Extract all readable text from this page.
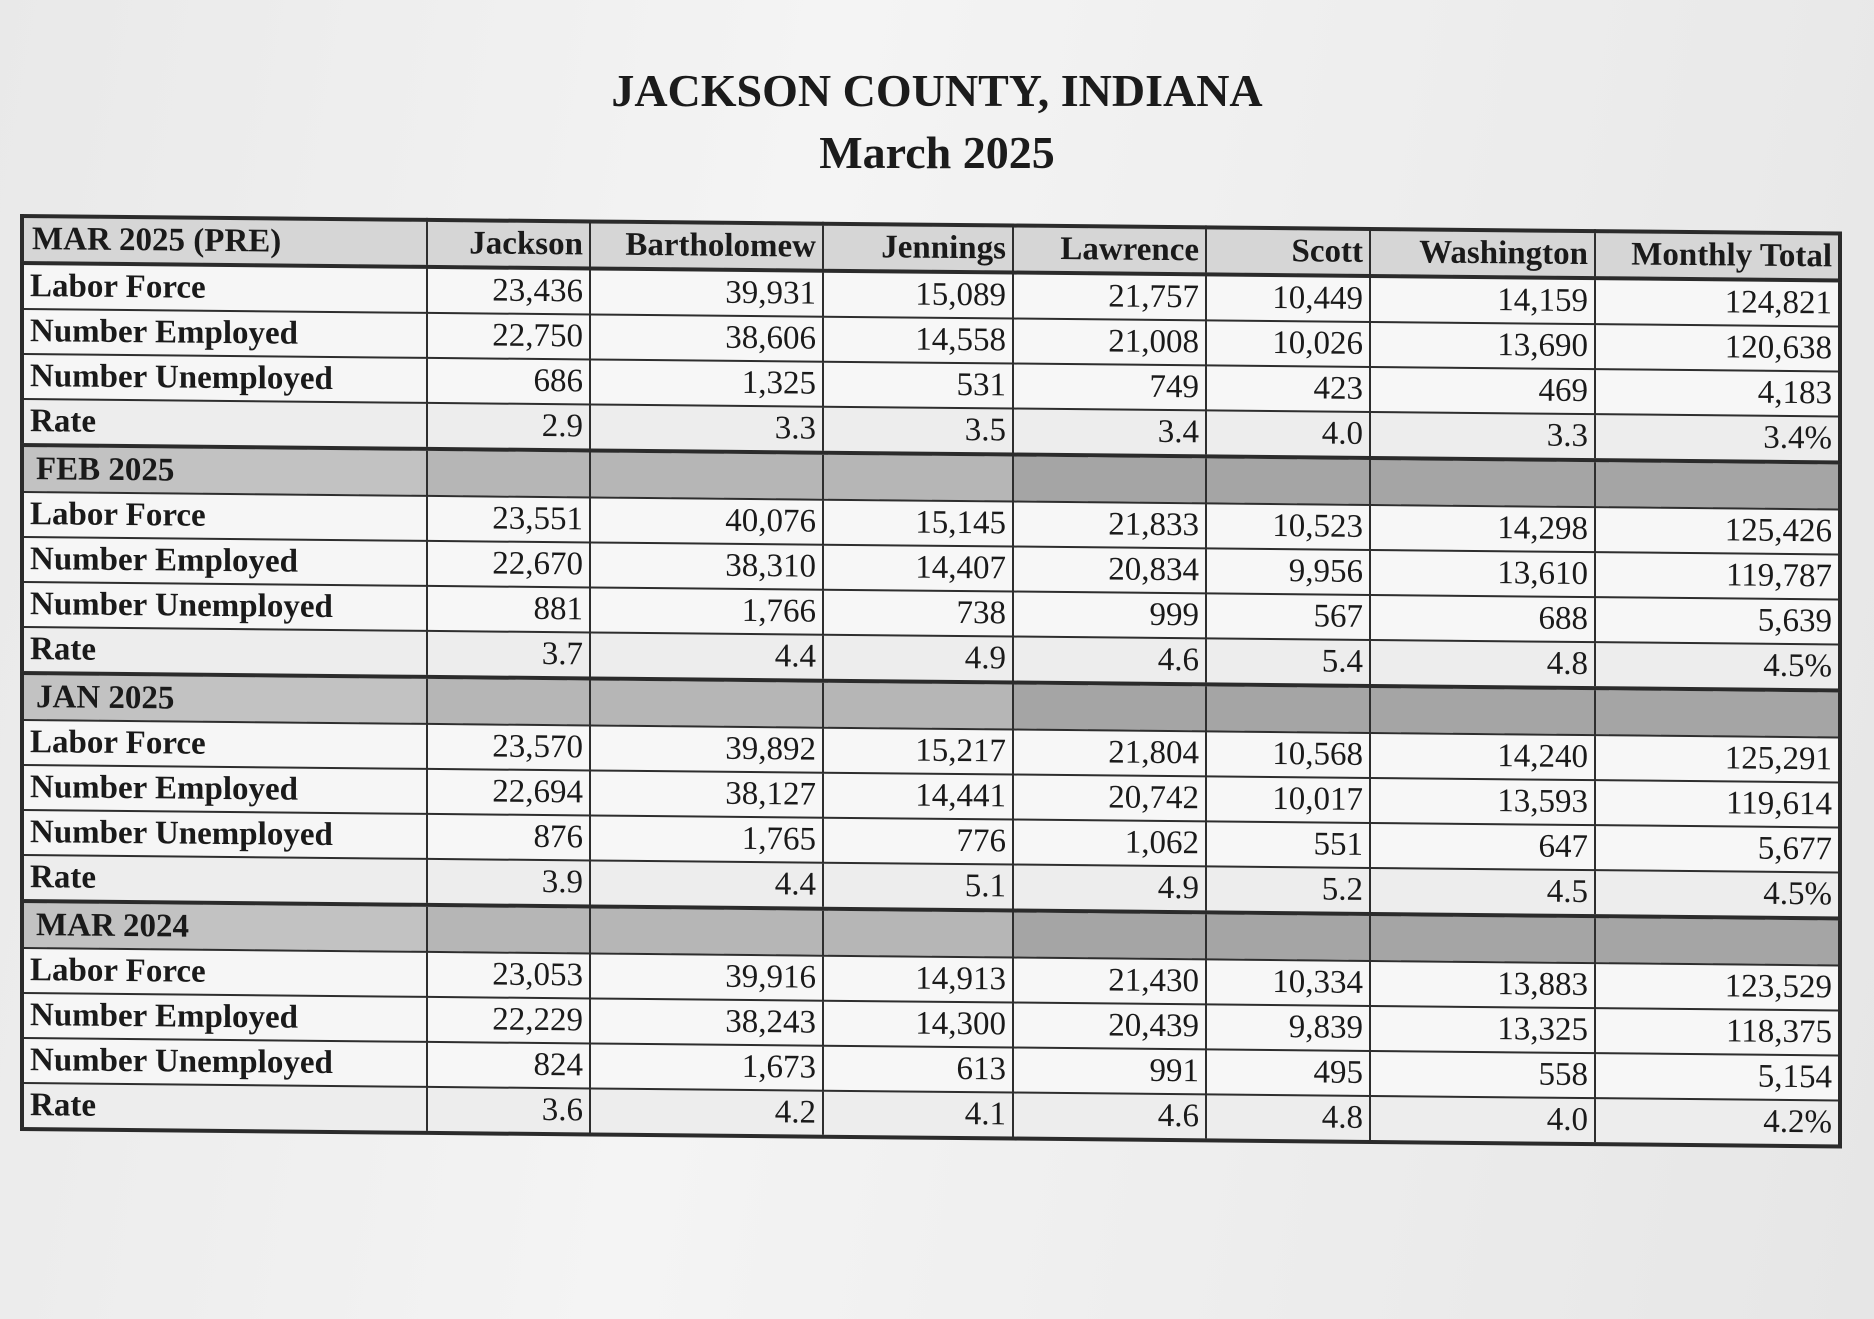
JACKSON COUNTY, INDIANA
March 2025
MAR 2025 (PRE)	Jackson	Bartholomew	Jennings	Lawrence	Scott	Washington	Monthly Total
Labor Force	23,436	39,931	15,089	21,757	10,449	14,159	124,821
Number Employed	22,750	38,606	14,558	21,008	10,026	13,690	120,638
Number Unemployed	686	1,325	531	749	423	469	4,183
Rate	2.9	3.3	3.5	3.4	4.0	3.3	3.4%
FEB 2025							
Labor Force	23,551	40,076	15,145	21,833	10,523	14,298	125,426
Number Employed	22,670	38,310	14,407	20,834	9,956	13,610	119,787
Number Unemployed	881	1,766	738	999	567	688	5,639
Rate	3.7	4.4	4.9	4.6	5.4	4.8	4.5%
JAN 2025							
Labor Force	23,570	39,892	15,217	21,804	10,568	14,240	125,291
Number Employed	22,694	38,127	14,441	20,742	10,017	13,593	119,614
Number Unemployed	876	1,765	776	1,062	551	647	5,677
Rate	3.9	4.4	5.1	4.9	5.2	4.5	4.5%
MAR 2024							
Labor Force	23,053	39,916	14,913	21,430	10,334	13,883	123,529
Number Employed	22,229	38,243	14,300	20,439	9,839	13,325	118,375
Number Unemployed	824	1,673	613	991	495	558	5,154
Rate	3.6	4.2	4.1	4.6	4.8	4.0	4.2%
